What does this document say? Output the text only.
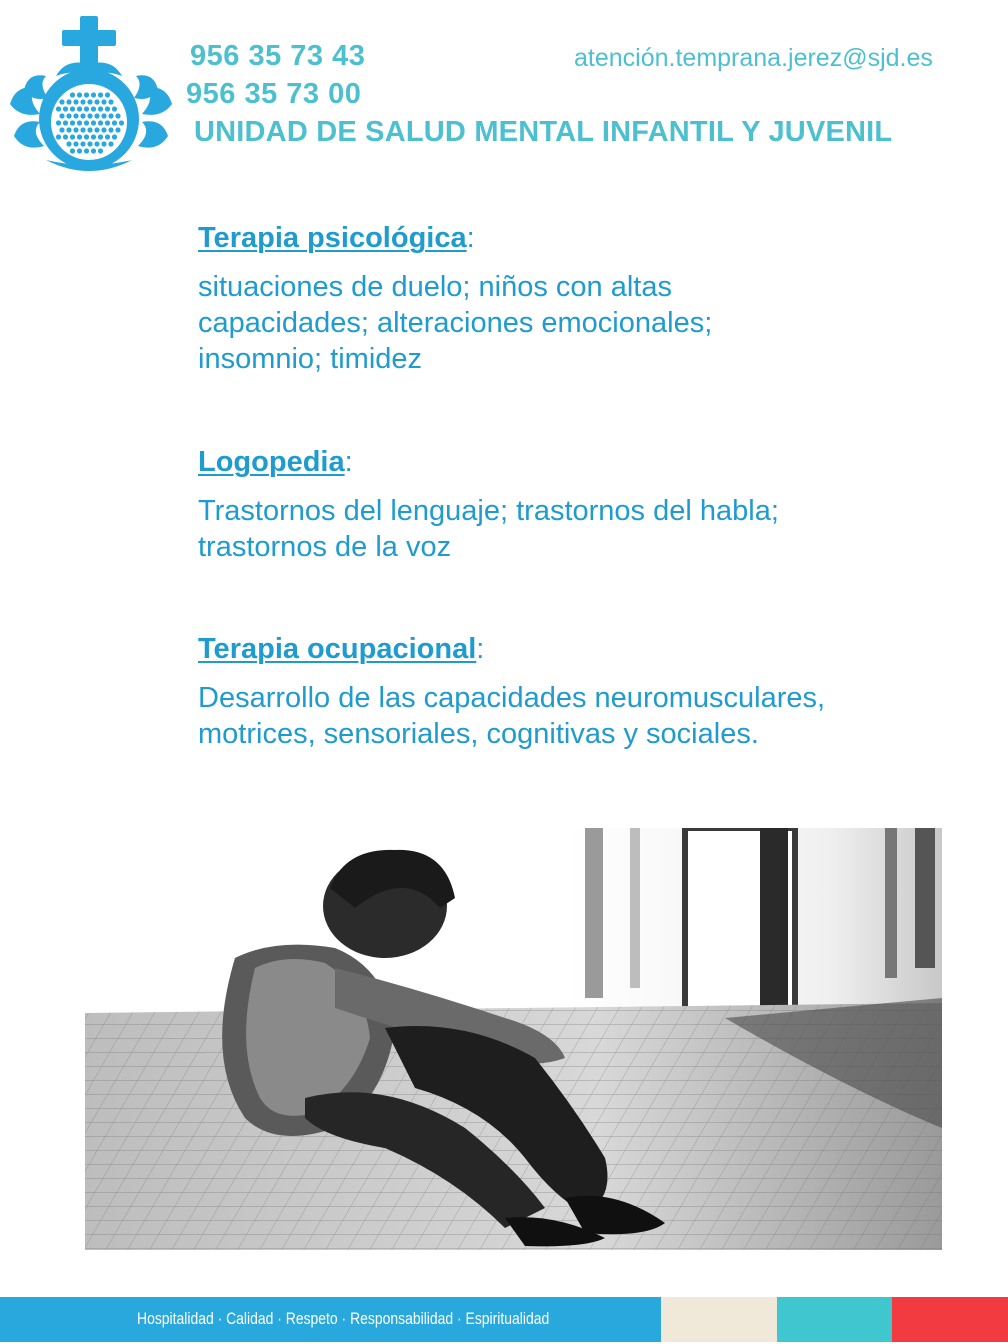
956 35 73 43
956 35 73 00
atención.temprana.jerez@sjd.es
UNIDAD DE SALUD MENTAL INFANTIL Y JUVENIL

Terapia psicológica:

situaciones de duelo; niños con altas capacidades; alteraciones emocionales; insomnio; timidez

Logopedia:

Trastornos del lenguaje; trastornos del habla; trastornos de la voz

Terapia ocupacional:

Desarrollo de las capacidades neuromusculares, motrices, sensoriales, cognitivas y sociales.
Hospitalidad · Calidad · Respeto · Responsabilidad · Espiritualidad
